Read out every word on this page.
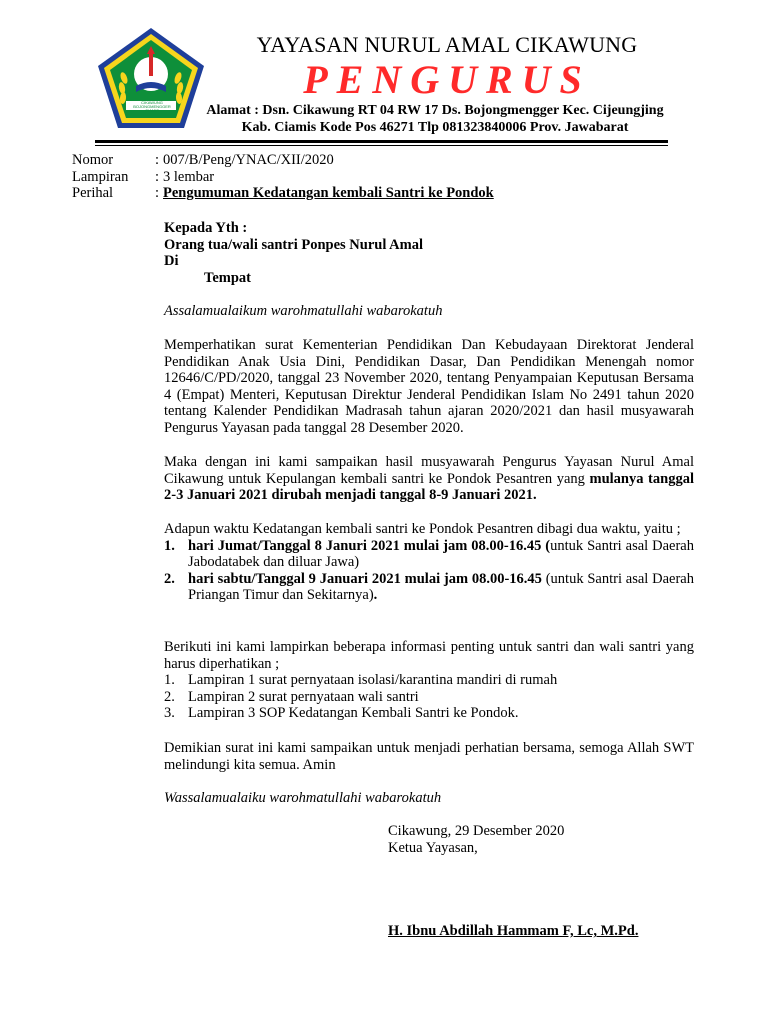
CIKAWUNG BOJONGMENGGER CIAMIS
YAYASAN NURUL AMAL CIKAWUNG
PENGURUS
Alamat : Dsn. Cikawung RT 04 RW 17 Ds. Bojongmengger Kec. Cijeungjing
Kab. Ciamis Kode Pos 46271 Tlp 081323840006 Prov. Jawabarat
Nomor	: 007/B/Peng/YNAC/XII/2020
Lampiran	: 3 lembar
Perihal	: Pengumuman Kedatangan kembali Santri ke Pondok
Kepada Yth :
Orang tua/wali santri Ponpes Nurul Amal
Di
Tempat
Assalamualaikum warohmatullahi wabarokatuh
Memperhatikan surat Kementerian Pendidikan Dan Kebudayaan Direktorat Jenderal Pendidikan Anak Usia Dini, Pendidikan Dasar, Dan Pendidikan Menengah nomor 12646/C/PD/2020, tanggal 23 November 2020, tentang Penyampaian Keputusan Bersama 4 (Empat) Menteri, Keputusan Direktur Jenderal Pendidikan Islam No 2491 tahun 2020 tentang Kalender Pendidikan Madrasah tahun ajaran 2020/2021 dan hasil musyawarah Pengurus Yayasan pada tanggal 28 Desember 2020.
Maka dengan ini kami sampaikan hasil musyawarah Pengurus Yayasan Nurul Amal Cikawung untuk Kepulangan kembali santri ke Pondok Pesantren yang mulanya tanggal 2-3 Januari 2021 dirubah menjadi tanggal 8-9 Januari 2021.
Adapun waktu Kedatangan kembali santri ke Pondok Pesantren dibagi dua waktu, yaitu ;
1. hari Jumat/Tanggal 8 Januri 2021 mulai jam 08.00-16.45 (untuk Santri asal Daerah Jabodatabek dan diluar Jawa)
2. hari sabtu/Tanggal 9 Januari 2021 mulai jam 08.00-16.45 (untuk Santri asal Daerah Priangan Timur dan Sekitarnya).
Berikuti ini kami lampirkan beberapa informasi penting untuk santri dan wali santri yang harus diperhatikan ;
1. Lampiran 1 surat pernyataan isolasi/karantina mandiri di rumah
2. Lampiran 2 surat pernyataan wali santri
3. Lampiran 3 SOP Kedatangan Kembali Santri ke Pondok.
Demikian surat ini kami sampaikan untuk menjadi perhatian bersama, semoga Allah SWT melindungi kita semua. Amin
Wassalamualaiku warohmatullahi wabarokatuh
Cikawung, 29 Desember 2020
Ketua Yayasan,
H. Ibnu Abdillah Hammam F, Lc, M.Pd.
